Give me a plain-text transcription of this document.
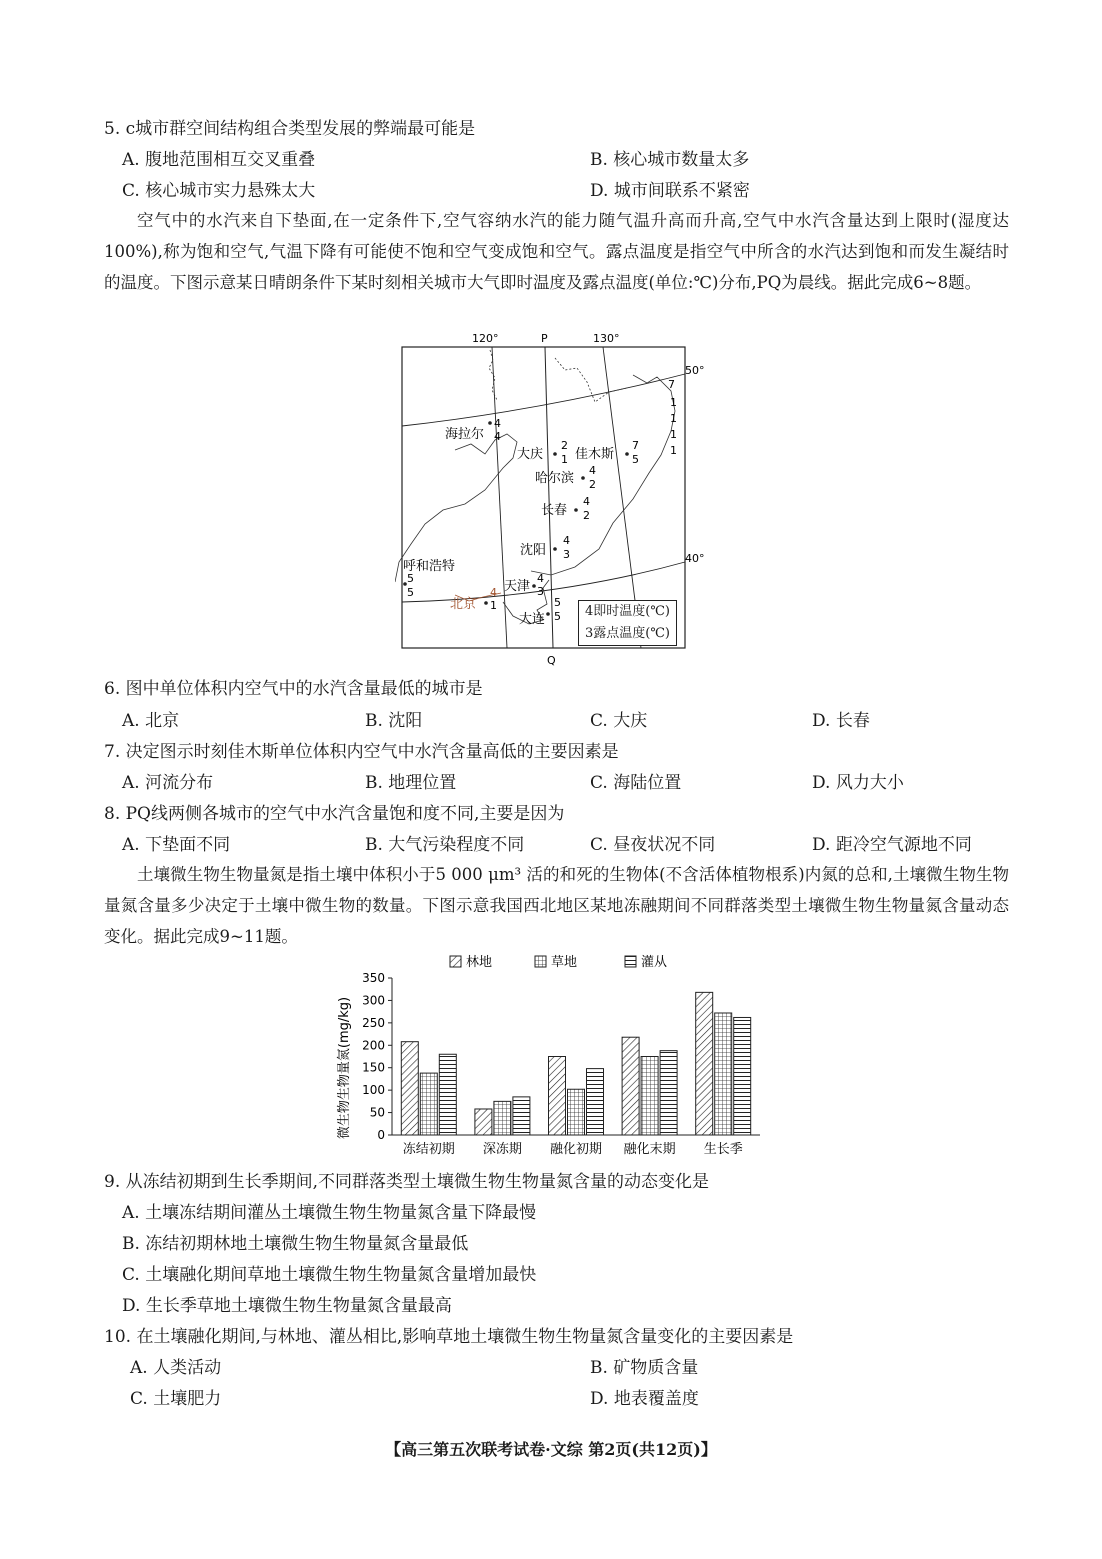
5. c城市群空间结构组合类型发展的弊端最可能是
A. 腹地范围相互交叉重叠	B. 核心城市数量太多
C. 核心城市实力悬殊太大	D. 城市间联系不紧密
空气中的水汽来自下垫面,在一定条件下,空气容纳水汽的能力随气温升高而升高,空气中水汽含量达到上限时(湿度达100%),称为饱和空气,气温下降有可能使不饱和空气变成饱和空气。露点温度是指空气中所含的水汽达到饱和而发生凝结时的温度。下图示意某日晴朗条件下某时刻相关城市大气即时温度及露点温度(单位:℃)分布,PQ为晨线。据此完成6~8题。
120°	P	130°
50°
40°
Q
7
1
1
1
1
海拉尔
4
4
大庆
2
1 佳木斯
7
5
哈尔滨
4
2
长春
4
2
沈阳
4
3
呼和浩特
5
5	天津
4
3
北京
4
1
大连
5
5 4即时温度(℃)
3露点温度(℃)
6. 图中单位体积内空气中的水汽含量最低的城市是
A. 北京	B. 沈阳	C. 大庆	D. 长春
7. 决定图示时刻佳木斯单位体积内空气中水汽含量高低的主要因素是
A. 河流分布	B. 地理位置	C. 海陆位置	D. 风力大小
8. PQ线两侧各城市的空气中水汽含量饱和度不同,主要是因为
A. 下垫面不同	B. 大气污染程度不同	C. 昼夜状况不同	D. 距冷空气源地不同
土壤微生物生物量氮是指土壤中体积小于5 000 μm³ 活的和死的生物体(不含活体植物根系)内氮的总和,土壤微生物生物量氮含量多少决定于土壤中微生物的数量。下图示意我国西北地区某地冻融期间不同群落类型土壤微生物生物量氮含量动态变化。据此完成9~11题。
林地	草地	灌从
微生物生物量氮(mg/kg) 0
50
100
150
200
250
300
350
冻结初期 深冻期 融化初期 融化末期 生长季
9. 从冻结初期到生长季期间,不同群落类型土壤微生物生物量氮含量的动态变化是
A. 土壤冻结期间灌丛土壤微生物生物量氮含量下降最慢
B. 冻结初期林地土壤微生物生物量氮含量最低
C. 土壤融化期间草地土壤微生物生物量氮含量增加最快
D. 生长季草地土壤微生物生物量氮含量最高
10. 在土壤融化期间,与林地、灌丛相比,影响草地土壤微生物生物量氮含量变化的主要因素是
A. 人类活动	B. 矿物质含量
C. 土壤肥力	D. 地表覆盖度
【高三第五次联考试卷·文综 第2页(共12页)】
